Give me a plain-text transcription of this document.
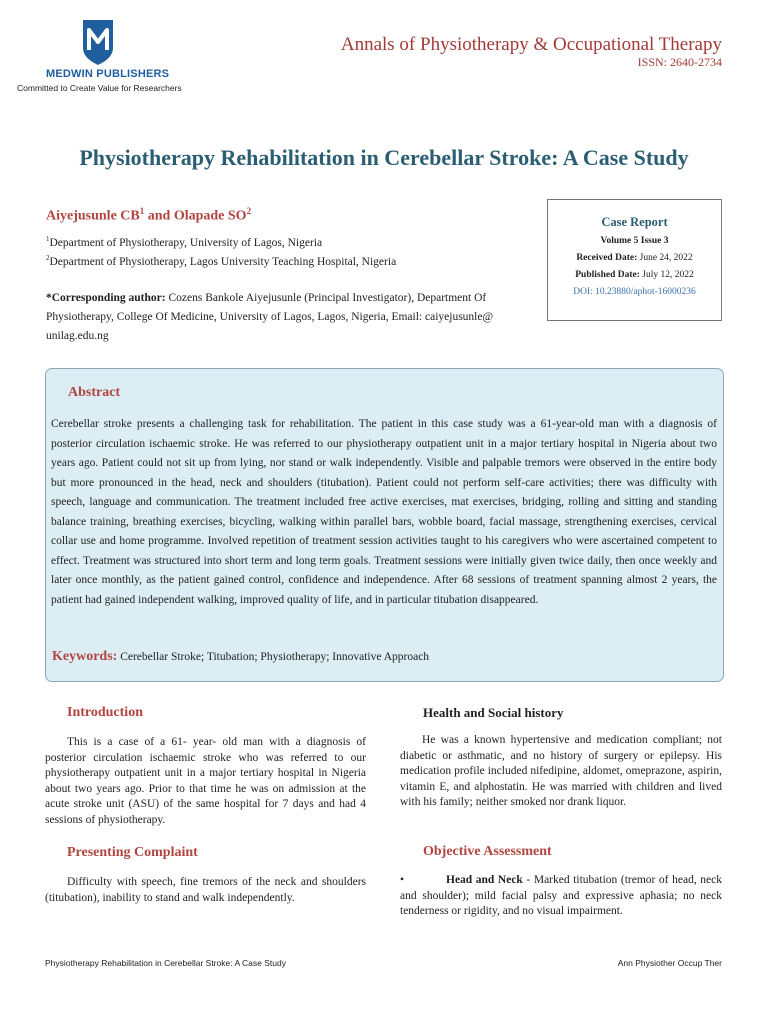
MEDWIN PUBLISHERS
Committed to Create Value for Researchers
Annals of Physiotherapy & Occupational Therapy
ISSN: 2640-2734
Physiotherapy Rehabilitation in Cerebellar Stroke: A Case Study
Aiyejusunle $CB^1$ and Olapade $SO^2$
$^1$Department of Physiotherapy, University of Lagos, Nigeria
$^2$Department of Physiotherapy, Lagos University Teaching Hospital, Nigeria
*Corresponding author: Cozens Bankole Aiyejusunle (Principal Investigator), Department Of Physiotherapy, College Of Medicine, University of Lagos, Lagos, Nigeria, Email: caiyejusunle@ unilag.edu.ng
Case Report
Volume 5 Issue 3
Received Date: June 24, 2022
Published Date: July 12, 2022
DOI: 10.23880/aphot-16000236
Abstract
Cerebellar stroke presents a challenging task for rehabilitation. The patient in this case study was a 61-year-old man with a diagnosis of posterior circulation ischaemic stroke. He was referred to our physiotherapy outpatient unit in a major tertiary hospital in Nigeria about two years ago. Patient could not sit up from lying, nor stand or walk independently. Visible and palpable tremors were observed in the entire body but more pronounced in the head, neck and shoulders (titubation). Patient could not perform self-care activities; there was difficulty with speech, language and communication. The treatment included free active exercises, mat exercises, bridging, rolling and sitting and standing balance training, breathing exercises, bicycling, walking within parallel bars, wobble board, facial massage, strengthening exercises, cervical collar use and home programme. Involved repetition of treatment session activities taught to his caregivers who were ascertained competent to effect. Treatment was structured into short term and long term goals. Treatment sessions were initially given twice daily, then once weekly and later once monthly, as the patient gained control, confidence and independence. After 68 sessions of treatment spanning almost 2 years, the patient had gained independent walking, improved quality of life, and in particular titubation disappeared.
Keywords: Cerebellar Stroke; Titubation; Physiotherapy; Innovative Approach
Introduction
This is a case of a 61- year- old man with a diagnosis of posterior circulation ischaemic stroke who was referred to our physiotherapy outpatient unit in a major tertiary hospital in Nigeria about two years ago. Prior to that time he was on admission at the acute stroke unit (ASU) of the same hospital for 7 days and had 4 sessions of physiotherapy.
Presenting Complaint
Difficulty with speech, fine tremors of the neck and shoulders (titubation), inability to stand and walk independently.
Health and Social history
He was a known hypertensive and medication compliant; not diabetic or asthmatic, and no history of surgery or epilepsy. His medication profile included nifedipine, aldomet, omeprazone, aspirin, vitamin E, and alphostatin. He was married with children and lived with his family; neither smoked nor drank liquor.
Objective Assessment
•	Head and Neck - Marked titubation (tremor of head, neck and shoulder); mild facial palsy and expressive aphasia; no neck tenderness or rigidity, and no visual impairment.
Physiotherapy Rehabilitation in Cerebellar Stroke: A Case Study	Ann Physiother Occup Ther
